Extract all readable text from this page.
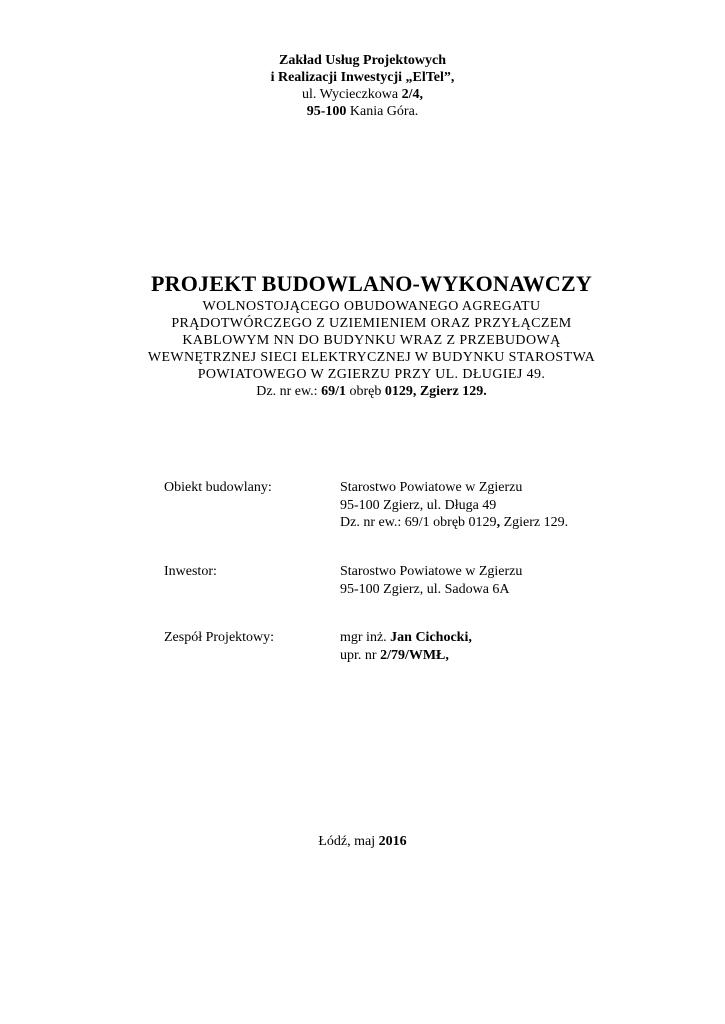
Zakład Usług Projektowych
i Realizacji Inwestycji „ElTel”,
ul. Wycieczkowa 2/4,
95-100 Kania Góra.
PROJEKT BUDOWLANO-WYKONAWCZY
WOLNOSTOJĄCEGO OBUDOWANEGO AGREGATU
PRĄDOTWÓRCZEGO Z UZIEMIENIEM ORAZ PRZYŁĄCZEM
KABLOWYM NN DO BUDYNKU WRAZ Z PRZEBUDOWĄ
WEWNĘTRZNEJ SIECI ELEKTRYCZNEJ W BUDYNKU STAROSTWA
POWIATOWEGO W ZGIERZU PRZY UL. DŁUGIEJ 49.
Dz. nr ew.: 69/1 obręb 0129, Zgierz 129.
Obiekt budowlany:	Starostwo Powiatowe w Zgierzu
95-100 Zgierz, ul. Długa 49
Dz. nr ew.: 69/1 obręb 0129, Zgierz 129.
Inwestor:	Starostwo Powiatowe w Zgierzu
95-100 Zgierz, ul. Sadowa 6A
Zespół Projektowy:	mgr inż. Jan Cichocki,
upr. nr 2/79/WMŁ,
Łódź, maj 2016
